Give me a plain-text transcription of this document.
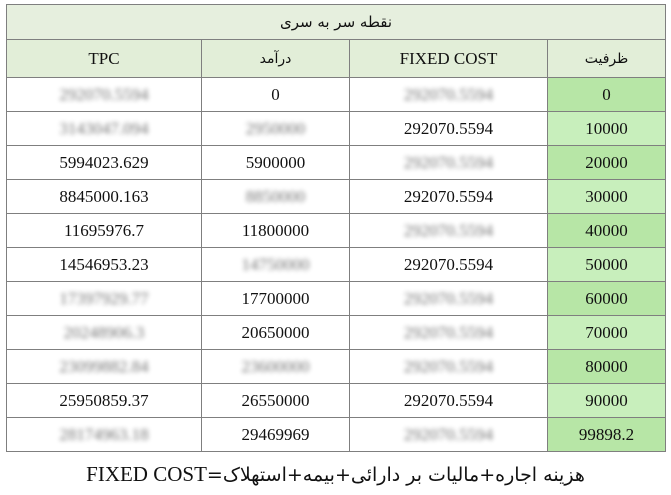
نقطه سر به سری			
TPC	درآمد	FIXED COST	ظرفیت
292070.5594	0	292070.5594	0
3143047.094	2950000	292070.5594	10000
5994023.629	5900000	292070.5594	20000
8845000.163	8850000	292070.5594	30000
11695976.7	11800000	292070.5594	40000
14546953.23	14750000	292070.5594	50000
17397929.77	17700000	292070.5594	60000
20248906.3	20650000	292070.5594	70000
23099882.84	23600000	292070.5594	80000
25950859.37	26550000	292070.5594	90000
28174963.18	29469969	292070.5594	99898.2
FIXED COST=هزینه اجاره+مالیات بر دارائی+بیمه+استهلاک
